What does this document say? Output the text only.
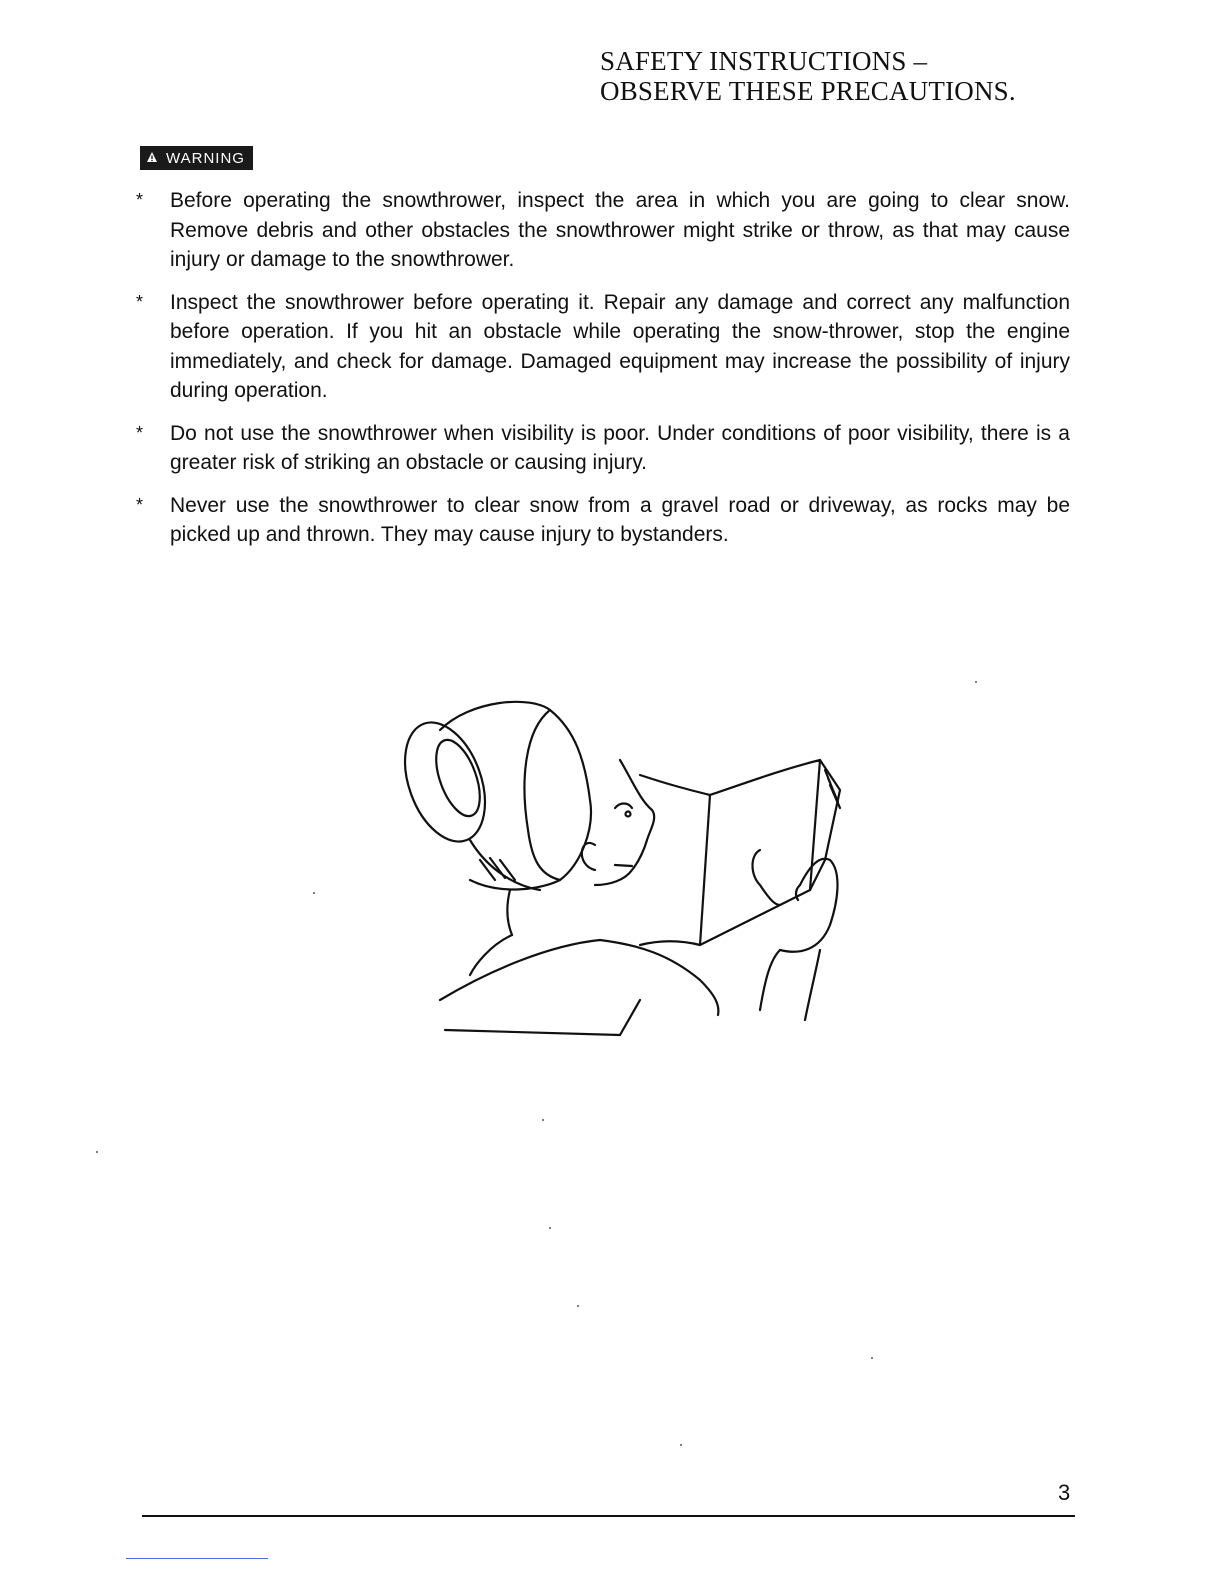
SAFETY INSTRUCTIONS –
OBSERVE THESE PRECAUTIONS.
WARNING
* Before operating the snowthrower, inspect the area in which you are going to clear snow. Remove debris and other obstacles the snowthrower might strike or throw, as that may cause injury or damage to the snowthrower.
* Inspect the snowthrower before operating it. Repair any damage and correct any malfunction before operation. If you hit an obstacle while operating the snow-thrower, stop the engine immediately, and check for damage. Damaged equipment may increase the possibility of injury during operation.
* Do not use the snowthrower when visibility is poor. Under conditions of poor visibility, there is a greater risk of striking an obstacle or causing injury.
* Never use the snowthrower to clear snow from a gravel road or driveway, as rocks may be picked up and thrown. They may cause injury to bystanders.
3
